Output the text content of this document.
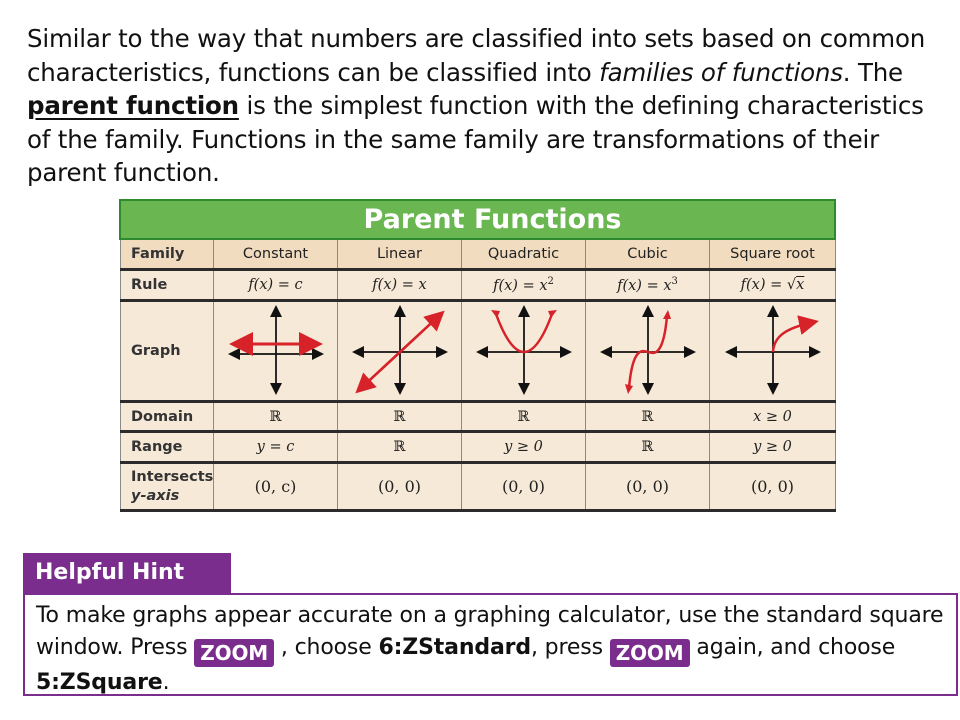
Similar to the way that numbers are classified into sets based on common characteristics, functions can be classified into families of functions. The parent function is the simplest function with the defining characteristics of the family. Functions in the same family are transformations of their parent function.

Parent Functions
Family	Constant	Linear	Quadratic	Cubic	Square root
Rule	f(x) = c	f(x) = x	$f(x) = x^2$	$f(x) = x^3$	f(x) = √x
Graph					
Domain	ℝ	ℝ	ℝ	ℝ	x ≥ 0
Range	y = c	ℝ	y ≥ 0	ℝ	y ≥ 0
Intersects
y-axis	(0, c)	(0, 0)	(0, 0)	(0, 0)	(0, 0)
Helpful Hint

To make graphs appear accurate on a graphing calculator, use the standard square window. Press ZOOM , choose 6:ZStandard, press ZOOM again, and choose 5:ZSquare.
